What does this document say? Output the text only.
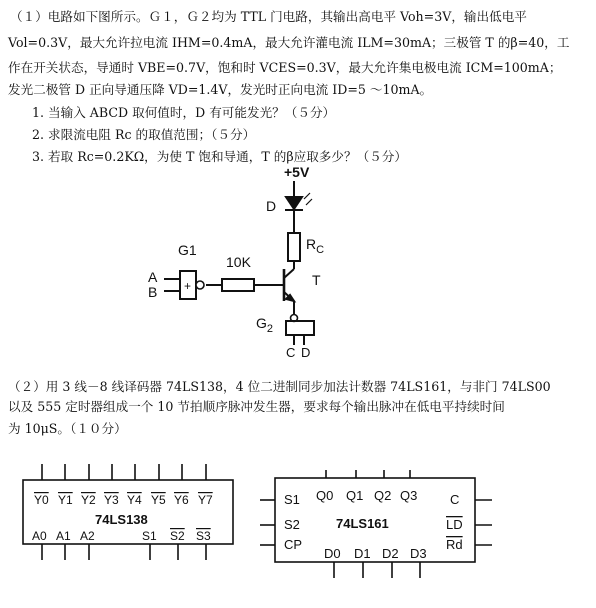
（１）电路如下图所示。Ｇ１，Ｇ２均为 TTL 门电路，其输出高电平 Voh=3V，输出低电平
Vol=0.3V，最大允许拉电流 IHM=0.4mA，最大允许灌电流 ILM=30mA；三极管 T 的β=40，工
作在开关状态，导通时 VBE=0.7V，饱和时 VCES=0.3V，最大允许集电极电流 ICM=100mA；
发光二极管 D 正向导通压降 VD=1.4V，发光时正向电流 ID=5 ～10mA。
1. 当输入 ABCD 取何值时，D 有可能发光？（５分）
2. 求限流电阻 Rc 的取值范围；（５分）
3. 若取 Rc=0.2KΩ，为使 T 饱和导通，T 的β应取多少？（５分）
+5V
D
$R_C$
T
10K
+
G1
A
B
$G_2$
C D
（２）用 3 线－8 线译码器 74LS138，4 位二进制同步加法计数器 74LS161，与非门 74LS00
以及 555 定时器组成一个 10 节拍顺序脉冲发生器，要求每个输出脉冲在低电平持续时间
为 10μS。（１０分）
Y0 Y1 Y2 Y3 Y4 Y5 Y6 Y7
74LS138
A0 A1 A2	S1 S2 S3
Q0 Q1 Q2 Q3
S1
S2
CP
C
LD
Rd
74LS161
D0 D1 D2 D3
